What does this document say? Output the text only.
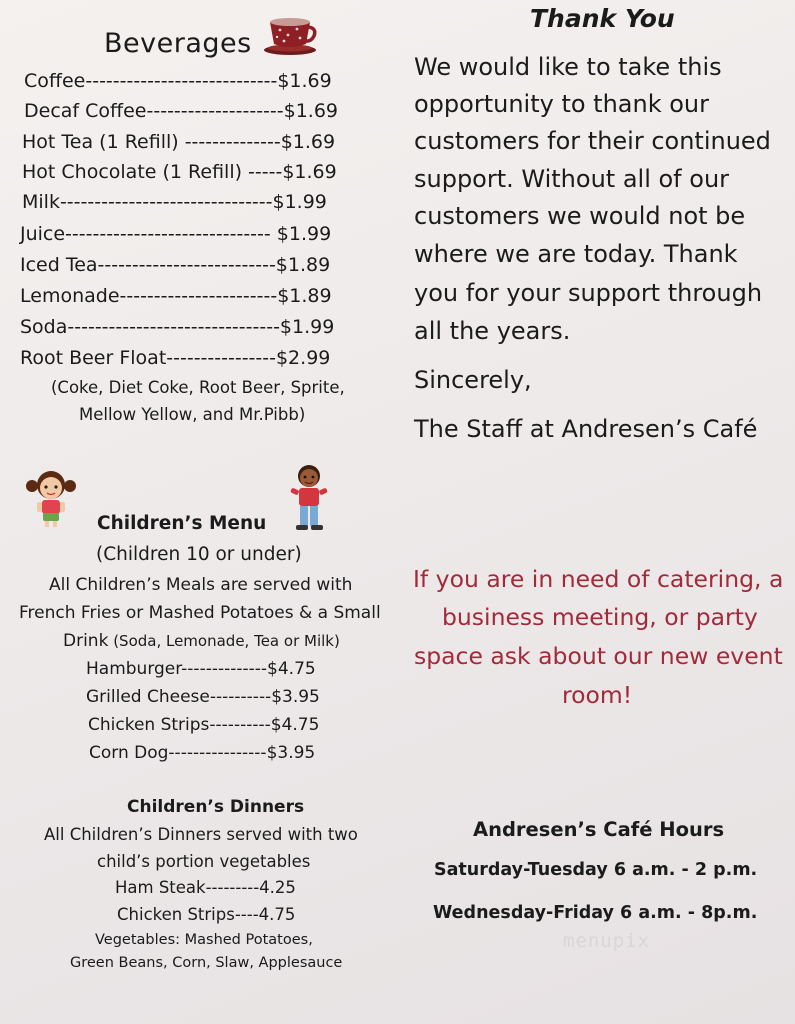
Beverages
Coffee----------------------------$1.69
Decaf Coffee--------------------$1.69
Hot Tea (1 Refill) --------------$1.69
Hot Chocolate (1 Refill) -----$1.69
Milk-------------------------------$1.99
Juice------------------------------ $1.99
Iced Tea--------------------------$1.89
Lemonade-----------------------$1.89
Soda-------------------------------$1.99
Root Beer Float----------------$2.99
(Coke, Diet Coke, Root Beer, Sprite,
Mellow Yellow, and Mr.Pibb)
Children’s Menu
(Children 10 or under)
All Children’s Meals are served with
French Fries or Mashed Potatoes & a Small
Drink (Soda, Lemonade, Tea or Milk)
Hamburger--------------$4.75
Grilled Cheese----------$3.95
Chicken Strips----------$4.75
Corn Dog----------------$3.95
Children’s Dinners
All Children’s Dinners served with two
child’s portion vegetables
Ham Steak---------4.25
Chicken Strips----4.75
Vegetables: Mashed Potatoes,
Green Beans, Corn, Slaw, Applesauce
Thank You
We would like to take this
opportunity to thank our
customers for their continued
support. Without all of our
customers we would not be
where we are today. Thank
you for your support through
all the years.
Sincerely,
The Staff at Andresen’s Café
If you are in need of catering, a
business meeting, or party
space ask about our new event
room!
Andresen’s Café Hours
Saturday-Tuesday 6 a.m. - 2 p.m.
Wednesday-Friday 6 a.m. - 8p.m.
menupix
